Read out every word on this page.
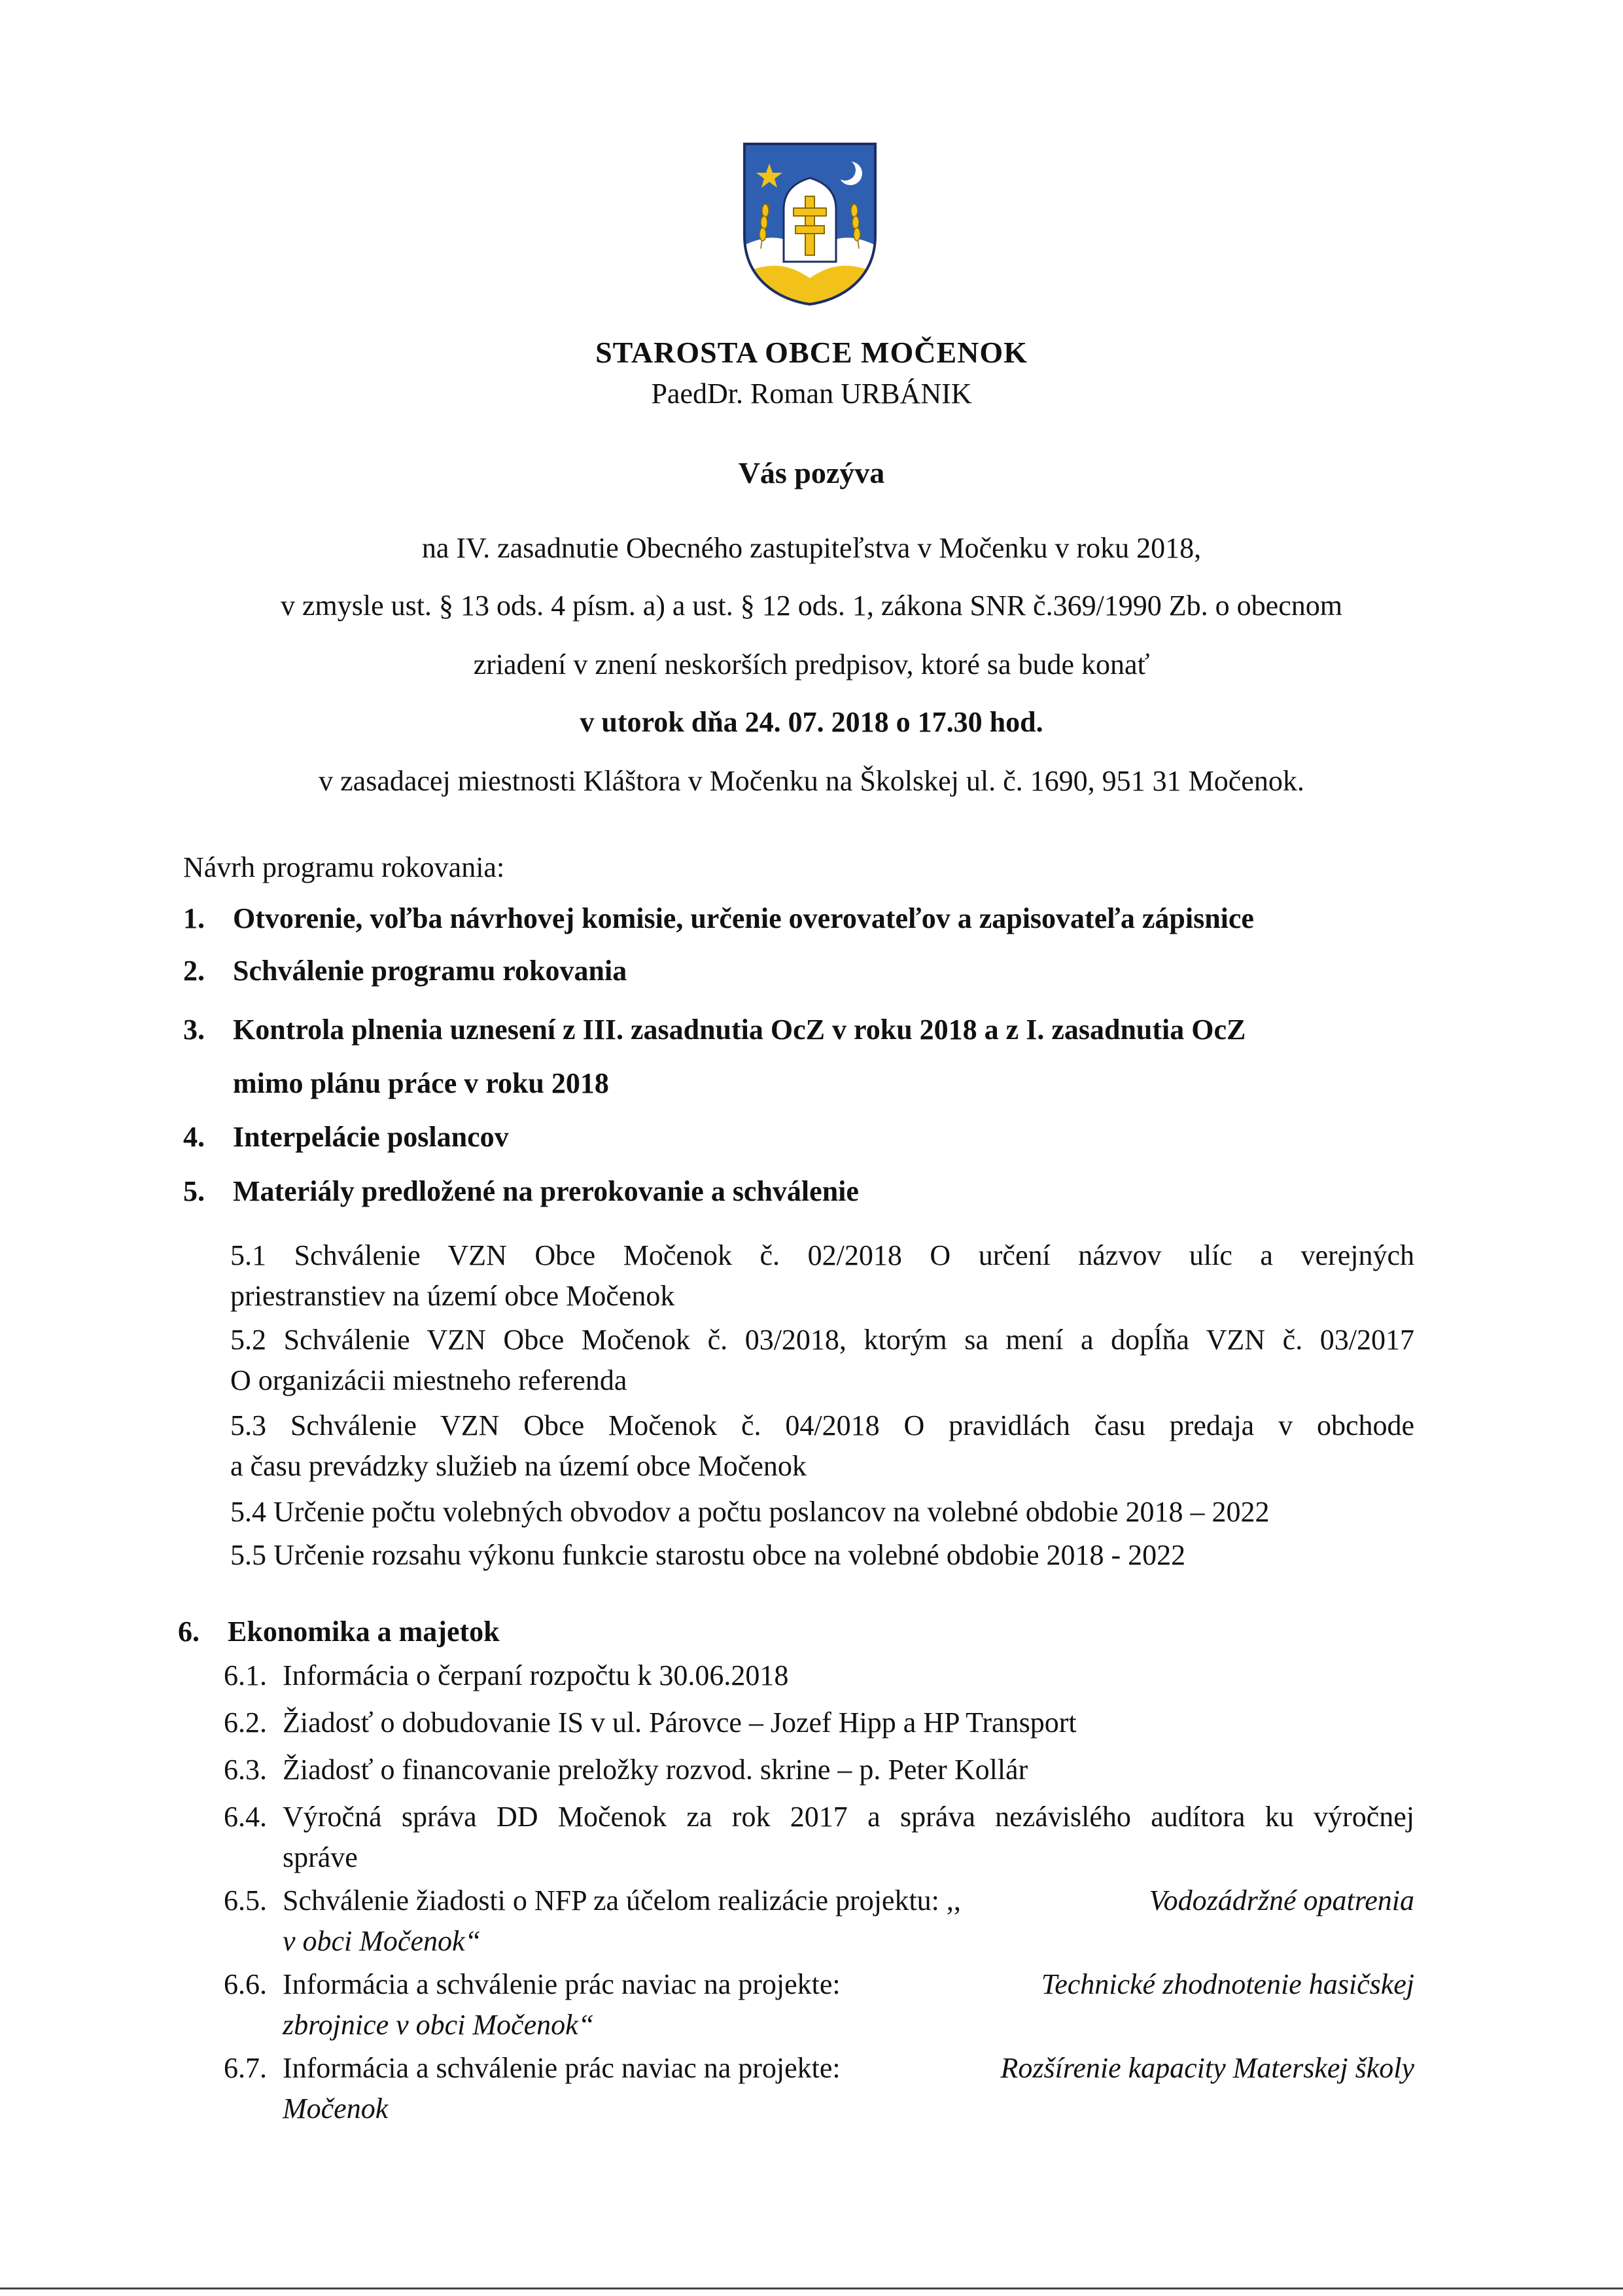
STAROSTA OBCE MOČENOK
PaedDr. Roman URBÁNIK
Vás pozýva
na IV. zasadnutie Obecného zastupiteľstva v Močenku v roku 2018,
v zmysle ust. § 13 ods. 4 písm. a) a ust. § 12 ods. 1, zákona SNR č.369/1990 Zb. o obecnom
zriadení v znení neskorších predpisov, ktoré sa bude konať
v utorok dňa 24. 07. 2018 o 17.30 hod.
v zasadacej miestnosti Kláštora v Močenku na Školskej ul. č. 1690, 951 31 Močenok.
Návrh programu rokovania:
1. Otvorenie, voľba návrhovej komisie, určenie overovateľov a zapisovateľa zápisnice
2. Schválenie programu rokovania
3. Kontrola plnenia uznesení z III. zasadnutia OcZ v roku 2018 a z I. zasadnutia OcZ
mimo plánu práce v roku 2018
4. Interpelácie poslancov
5. Materiály predložené na prerokovanie a schválenie
5.1 Schválenie VZN Obce Močenok č. 02/2018 O určení názvov ulíc a verejných
priestranstiev na území obce Močenok
5.2 Schválenie VZN Obce Močenok č. 03/2018, ktorým sa mení a dopĺňa VZN č. 03/2017
O organizácii miestneho referenda
5.3 Schválenie VZN Obce Močenok č. 04/2018 O pravidlách času predaja v obchode
a času prevádzky služieb na území obce Močenok
5.4 Určenie počtu volebných obvodov a počtu poslancov na volebné obdobie 2018 – 2022
5.5 Určenie rozsahu výkonu funkcie starostu obce na volebné obdobie 2018 - 2022
6. Ekonomika a majetok
6.1. Informácia o čerpaní rozpočtu k 30.06.2018
6.2. Žiadosť o dobudovanie IS v ul. Párovce – Jozef Hipp a HP Transport
6.3. Žiadosť o financovanie preložky rozvod. skrine – p. Peter Kollár
6.4. Výročná správa DD Močenok za rok 2017 a správa nezávislého audítora ku výročnej
správe
6.5. Schválenie žiadosti o NFP za účelom realizácie projektu: ,,	Vodozádržné opatrenia
v obci Močenok“
6.6. Informácia a schválenie prác naviac na projekte:	Technické zhodnotenie hasičskej
zbrojnice v obci Močenok“
6.7. Informácia a schválenie prác naviac na projekte:	Rozšírenie kapacity Materskej školy
Močenok
